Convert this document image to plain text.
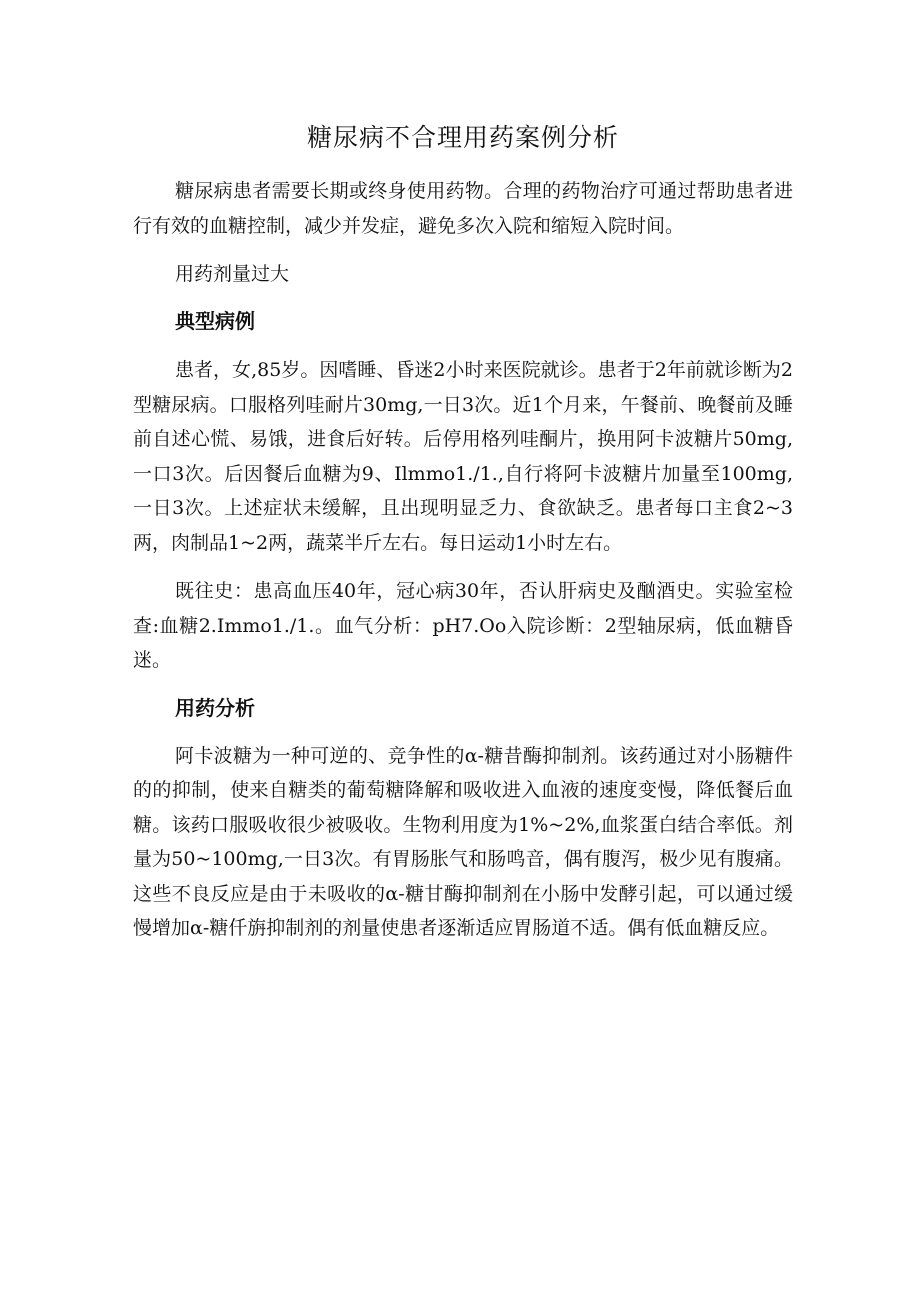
糖尿病不合理用药案例分析

糖尿病患者需要长期或终身使用药物。合理的药物治疗可通过帮助患者进行有效的血糖控制，减少并发症，避免多次入院和缩短入院时间。

用药剂量过大

典型病例

患者，女,85岁。因嗜睡、昏迷2小时来医院就诊。患者于2年前就诊断为2型糖尿病。口服格列哇耐片30mg,一日3次。近1个月来，午餐前、晚餐前及睡前自述心慌、易饿，进食后好转。后停用格列哇酮片，换用阿卡波糖片50mg,一口3次。后因餐后血糖为9、Ilmmo1./1.,自行将阿卡波糖片加量至100mg,一日3次。上述症状未缓解，且出现明显乏力、食欲缺乏。患者每口主食2~3两，肉制品1~2两，蔬菜半斤左右。每日运动1小时左右。

既往史：患高血压40年，冠心病30年，否认肝病史及酗酒史。实验室检查:血糖2.Immo1./1.。血气分析：pH7.Oo入院诊断：2型轴尿病，低血糖昏迷。

用药分析

阿卡波糖为一种可逆的、竞争性的α-糖昔酶抑制剂。该药通过对小肠糖件的的抑制，使来自糖类的葡萄糖降解和吸收进入血液的速度变慢，降低餐后血糖。该药口服吸收很少被吸收。生物利用度为1%~2%,血浆蛋白结合率低。剂量为50~100mg,一日3次。有胃肠胀气和肠鸣音，偶有腹泻，极少见有腹痛。这些不良反应是由于未吸收的α-糖甘酶抑制剂在小肠中发酵引起，可以通过缓慢增加α-糖仟旃抑制剂的剂量使患者逐渐适应胃肠道不适。偶有低血糖反应。
